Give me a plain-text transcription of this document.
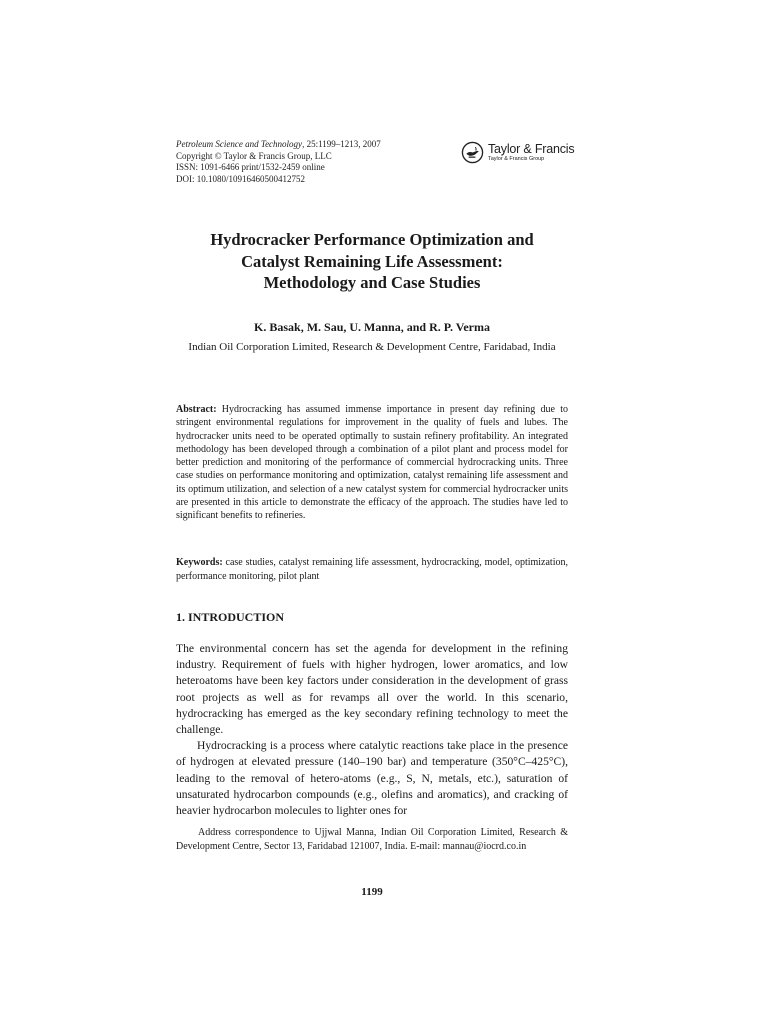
Petroleum Science and Technology, 25:1199–1213, 2007
Copyright © Taylor & Francis Group, LLC
ISSN: 1091-6466 print/1532-2459 online
DOI: 10.1080/10916460500412752
Taylor & Francis
Taylor & Francis Group
Hydrocracker Performance Optimization and
Catalyst Remaining Life Assessment:
Methodology and Case Studies
K. Basak, M. Sau, U. Manna, and R. P. Verma
Indian Oil Corporation Limited, Research & Development Centre, Faridabad, India
Abstract: Hydrocracking has assumed immense importance in present day refining due to stringent environmental regulations for improvement in the quality of fuels and lubes. The hydrocracker units need to be operated optimally to sustain refinery profitability. An integrated methodology has been developed through a combination of a pilot plant and process model for better prediction and monitoring of the performance of commercial hydrocracking units. Three case studies on performance monitoring and optimization, catalyst remaining life assessment and its optimum utilization, and selection of a new catalyst system for commercial hydrocracker units are presented in this article to demonstrate the efficacy of the approach. The studies have led to significant benefits to refineries.
Keywords: case studies, catalyst remaining life assessment, hydrocracking, model, optimization, performance monitoring, pilot plant
1. INTRODUCTION

The environmental concern has set the agenda for development in the refining industry. Requirement of fuels with higher hydrogen, lower aromatics, and low heteroatoms have been key factors under consideration in the development of grass root projects as well as for revamps all over the world. In this scenario, hydrocracking has emerged as the key secondary refining technology to meet the challenge.

Hydrocracking is a process where catalytic reactions take place in the presence of hydrogen at elevated pressure (140–190 bar) and temperature (350°C–425°C), leading to the removal of hetero-atoms (e.g., S, N, metals, etc.), saturation of unsaturated hydrocarbon compounds (e.g., olefins and aromatics), and cracking of heavier hydrocarbon molecules to lighter ones for

Address correspondence to Ujjwal Manna, Indian Oil Corporation Limited, Research & Development Centre, Sector 13, Faridabad 121007, India. E-mail: mannau@iocrd.co.in
1199
